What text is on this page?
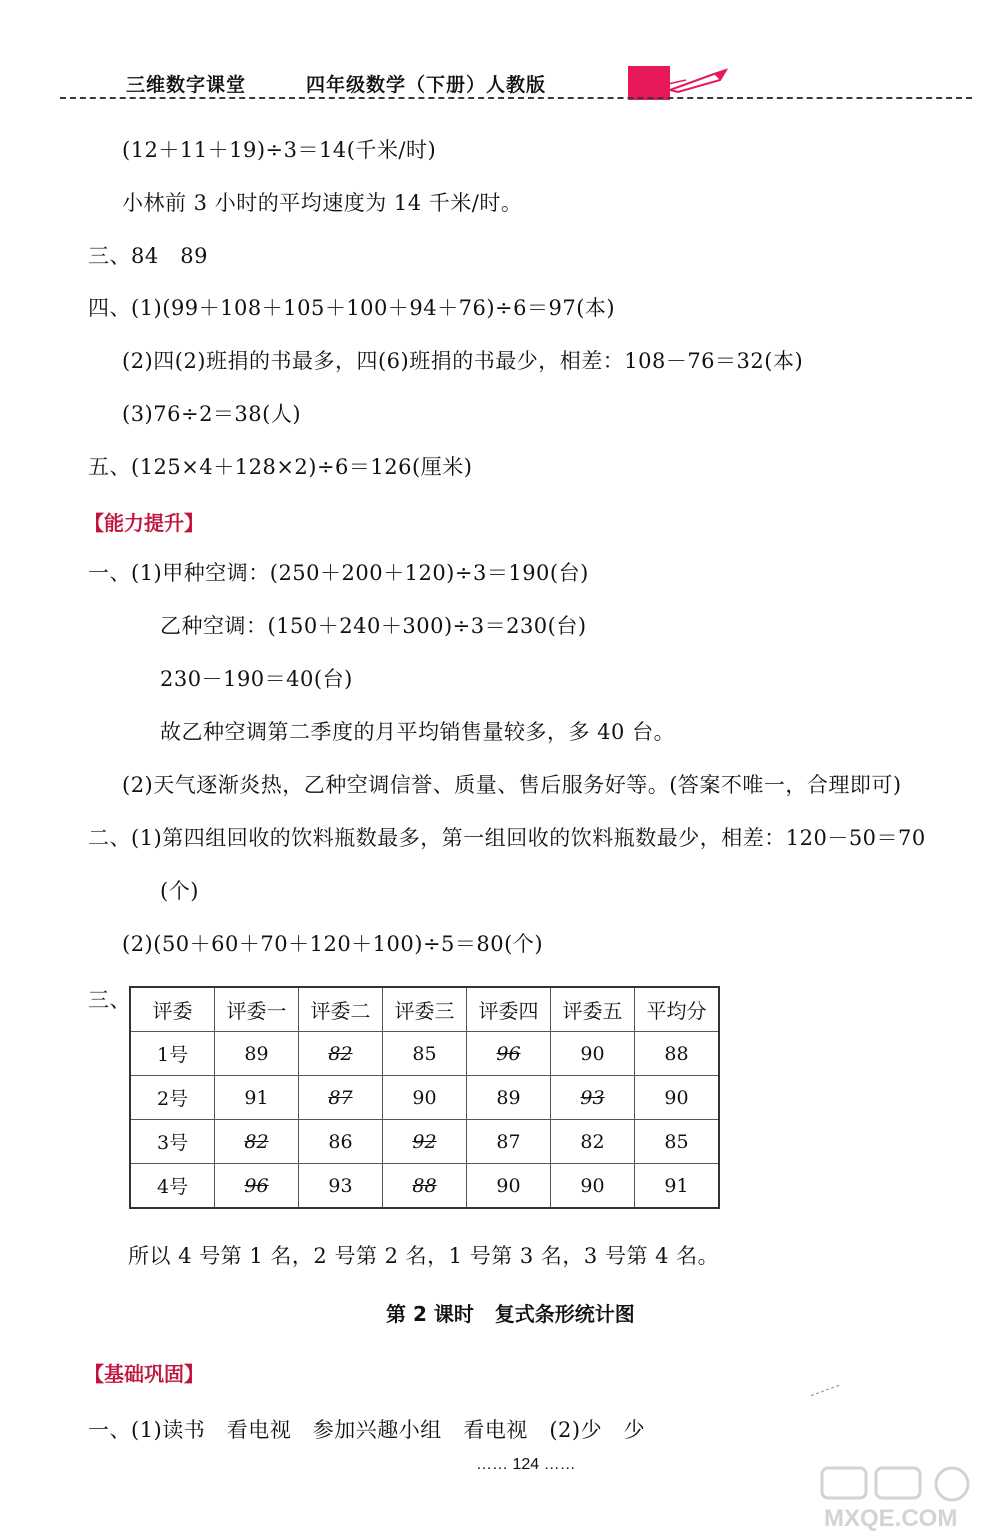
三维数字课堂	四年级数学（下册）人教版
(12＋11＋19)÷3＝14(千米/时)
小林前 3 小时的平均速度为 14 千米/时。
三、84   89
四、(1)(99＋108＋105＋100＋94＋76)÷6＝97(本)
(2)四(2)班捐的书最多，四(6)班捐的书最少，相差：108－76＝32(本)
(3)76÷2＝38(人)
五、(125×4＋128×2)÷6＝126(厘米)
【能力提升】
一、(1)甲种空调：(250＋200＋120)÷3＝190(台)
乙种空调：(150＋240＋300)÷3＝230(台)
230－190＝40(台)
故乙种空调第二季度的月平均销售量较多，多 40 台。
(2)天气逐渐炎热，乙种空调信誉、质量、售后服务好等。(答案不唯一，合理即可)
二、(1)第四组回收的饮料瓶数最多，第一组回收的饮料瓶数最少，相差：120－50＝70
(个)
(2)(50＋60＋70＋120＋100)÷5＝80(个)
三、 评委	评委一	评委二	评委三	评委四	评委五	平均分
1号	89	82	85	96	90	88
2号	91	87	90	89	93	90
3号	82	86	92	87	82	85
4号	96	93	88	90	90	91
所以 4 号第 1 名，2 号第 2 名，1 号第 3 名，3 号第 4 名。
第 2 课时   复式条形统计图
【基础巩固】
一、(1)读书   看电视   参加兴趣小组   看电视   (2)少   少
…… 124 ……
MXQE.COM
